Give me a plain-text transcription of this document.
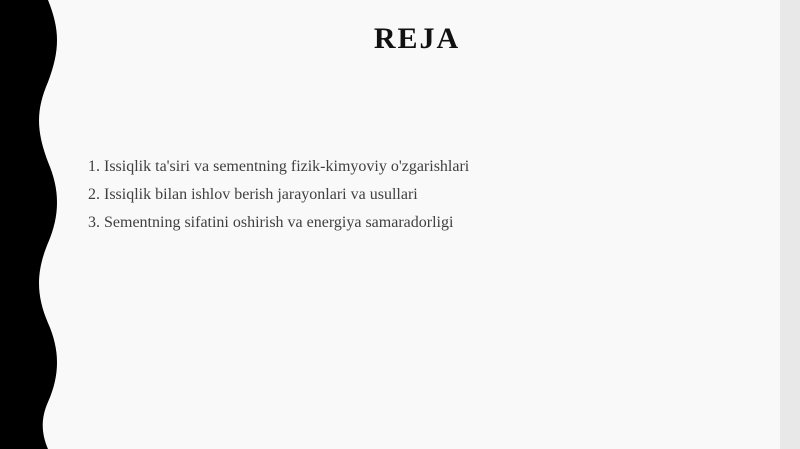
REJA
1. Issiqlik ta'siri va sementning fizik-kimyoviy o'zgarishlari
2. Issiqlik bilan ishlov berish jarayonlari va usullari
3. Sementning sifatini oshirish va energiya samaradorligi
